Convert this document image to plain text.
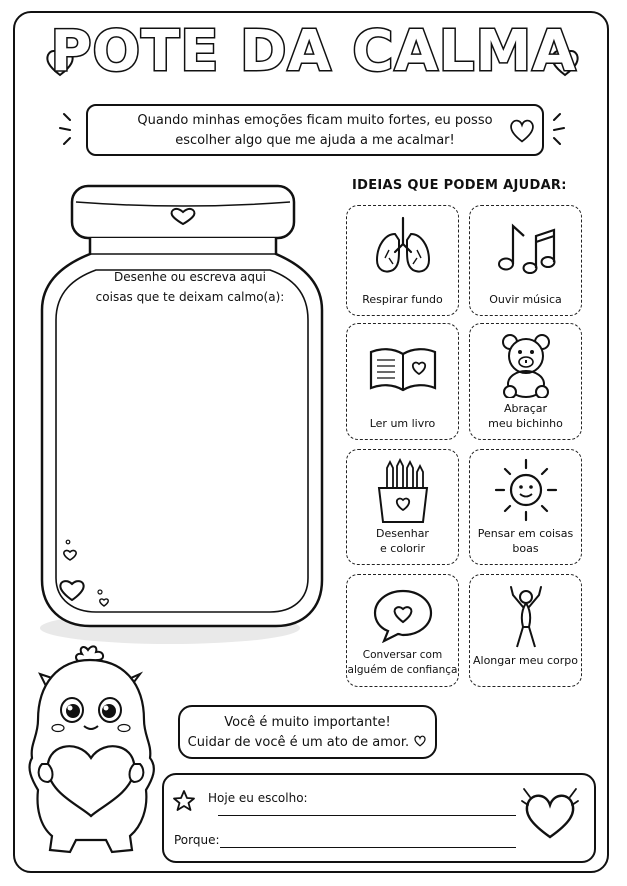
POTE DA CALMA
Quando minhas emoções ficam muito fortes, eu posso
escolher algo que me ajuda a me acalmar!
Desenhe ou escreva aqui
coisas que te deixam calmo(a):
IDEIAS QUE PODEM AJUDAR:
Respirar fundo	Ouvir música

Ler um livro

Abraçar
meu bichinho
Desenhar
e colorir
Pensar em coisas
boas
Conversar com
alguém de confiança
Alongar meu corpo

Você é muito importante!
Cuidar de você é um ato de amor.
Hoje eu escolho:
Porque:
